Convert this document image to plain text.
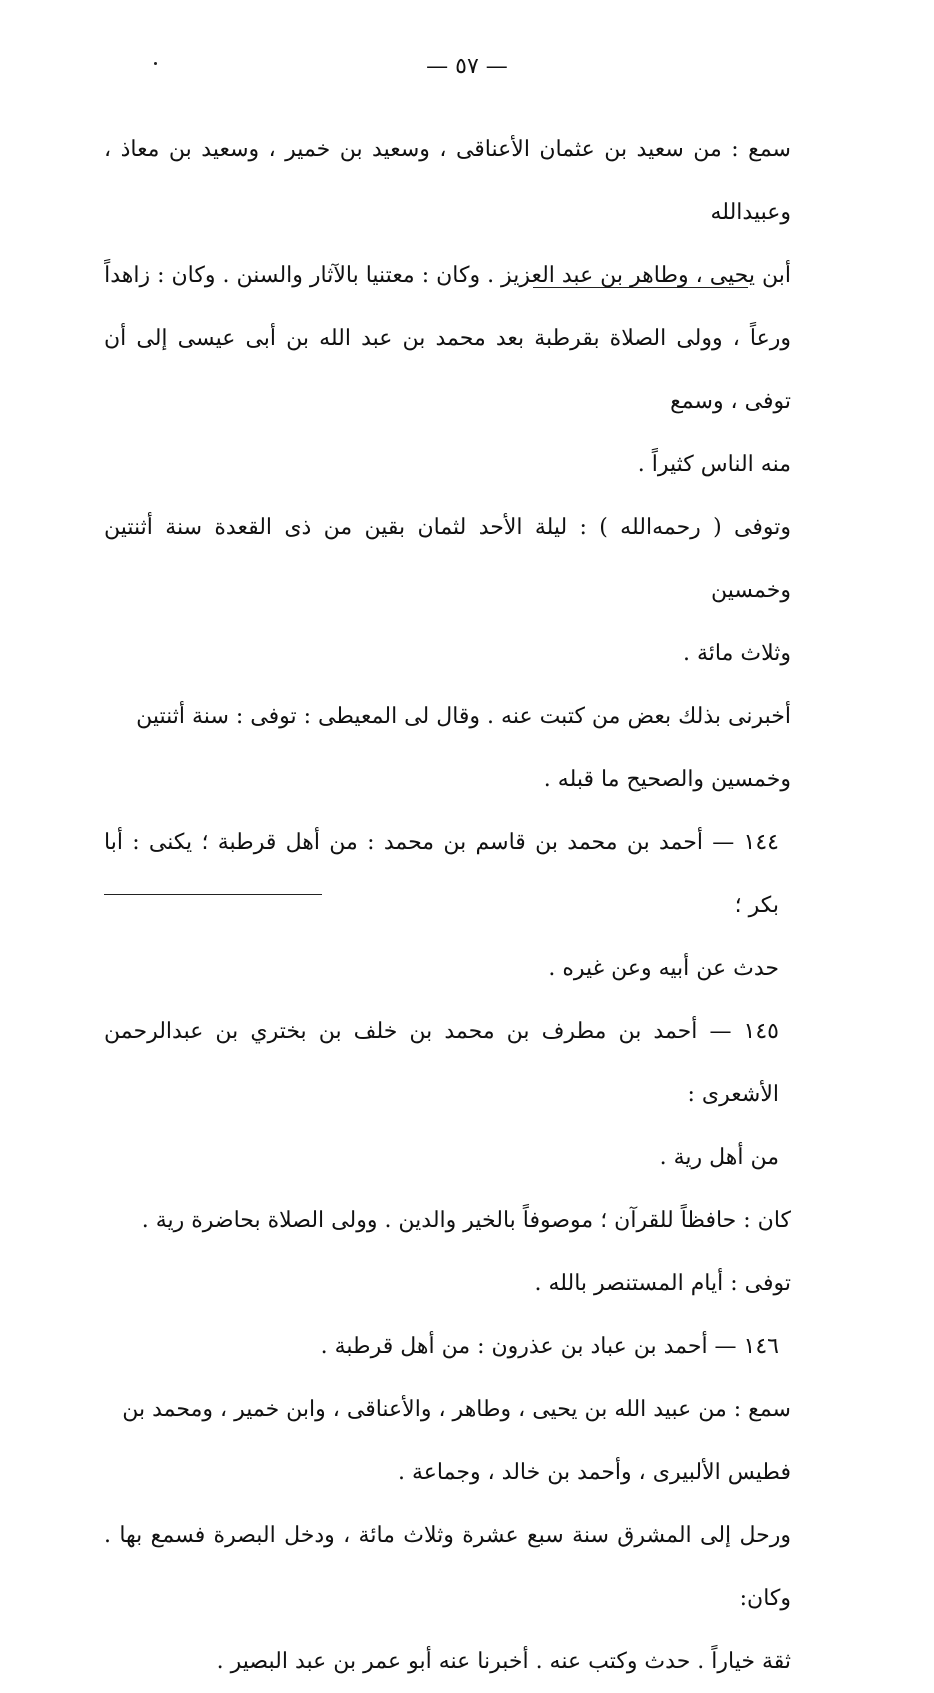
— ٥٧ —
سمع : من سعيد بن عثمان الأعناقى ، وسعيد بن خمير ، وسعيد بن معاذ ، وعبيدالله
أبن يحيى ، وطاهر بن عبد العزيز . وكان : معتنيا بالآثار والسنن . وكان : زاهداً
ورعاً ، وولى الصلاة بقرطبة بعد محمد بن عبد الله بن أبى عيسى إلى أن توفى ، وسمع
منه الناس كثيراً .
وتوفى ( رحمه‌الله ) : ليلة الأحد لثمان بقين من ذى القعدة سنة أثنتين وخمسين
وثلاث مائة .
أخبرنى بذلك بعض من كتبت عنه . وقال لى المعيطى : توفى : سنة أثنتين
وخمسين والصحيح ما قبله .
١٤٤ — أحمد بن محمد بن قاسم بن محمد : من أهل قرطبة ؛ يكنى : أبا بكر ؛
حدث عن أبيه وعن غيره .
١٤٥ — أحمد بن مطرف بن محمد بن خلف بن بختري بن عبدالرحمن الأشعرى :
من أهل رية .
كان : حافظاً للقرآن ؛ موصوفاً بالخير والدين . وولى الصلاة بحاضرة رية .
توفى : أيام المستنصر بالله .
١٤٦ — أحمد بن عباد بن عذرون : من أهل قرطبة .
سمع : من عبيد الله بن يحيى ، وطاهر ، والأعناقى ، وابن خمير ، ومحمد بن
فطيس الألبيرى ، وأحمد بن خالد ، وجماعة .
ورحل إلى المشرق سنة سبع عشرة وثلاث مائة ، ودخل البصرة فسمع بها . وكان:
ثقة خياراً . حدث وكتب عنه . أخبرنا عنه أبو عمر بن عبد البصير .
